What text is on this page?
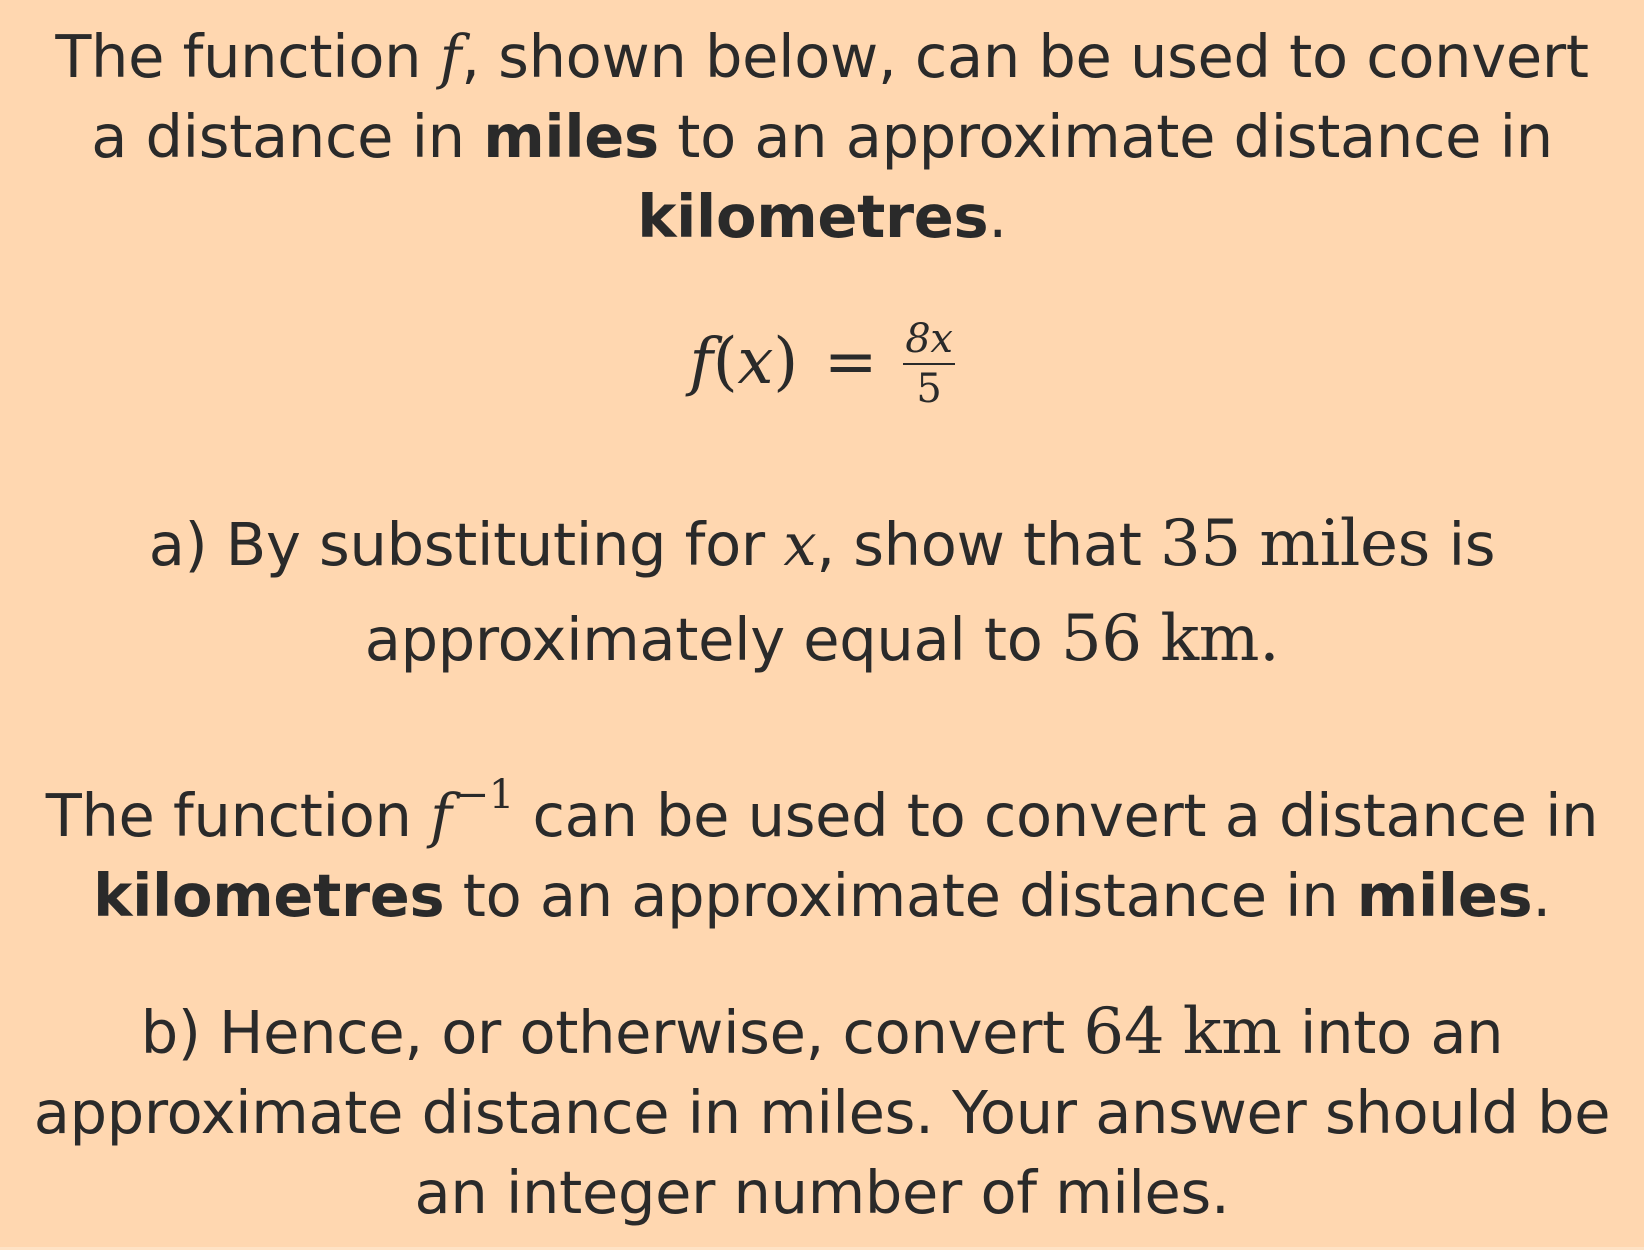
The function f, shown below, can be used to convert a distance in miles to an approximate distance in kilometres.

f ( x ) = $\frac{8x}{5}$

a) By substituting for x, show that 35 miles is approximately equal to 56 km.

The function f $^{-1}$ can be used to convert a distance in kilometres to an approximate distance in miles.

b) Hence, or otherwise, convert 64 km into an approximate distance in miles. Your answer should be an integer number of miles.
